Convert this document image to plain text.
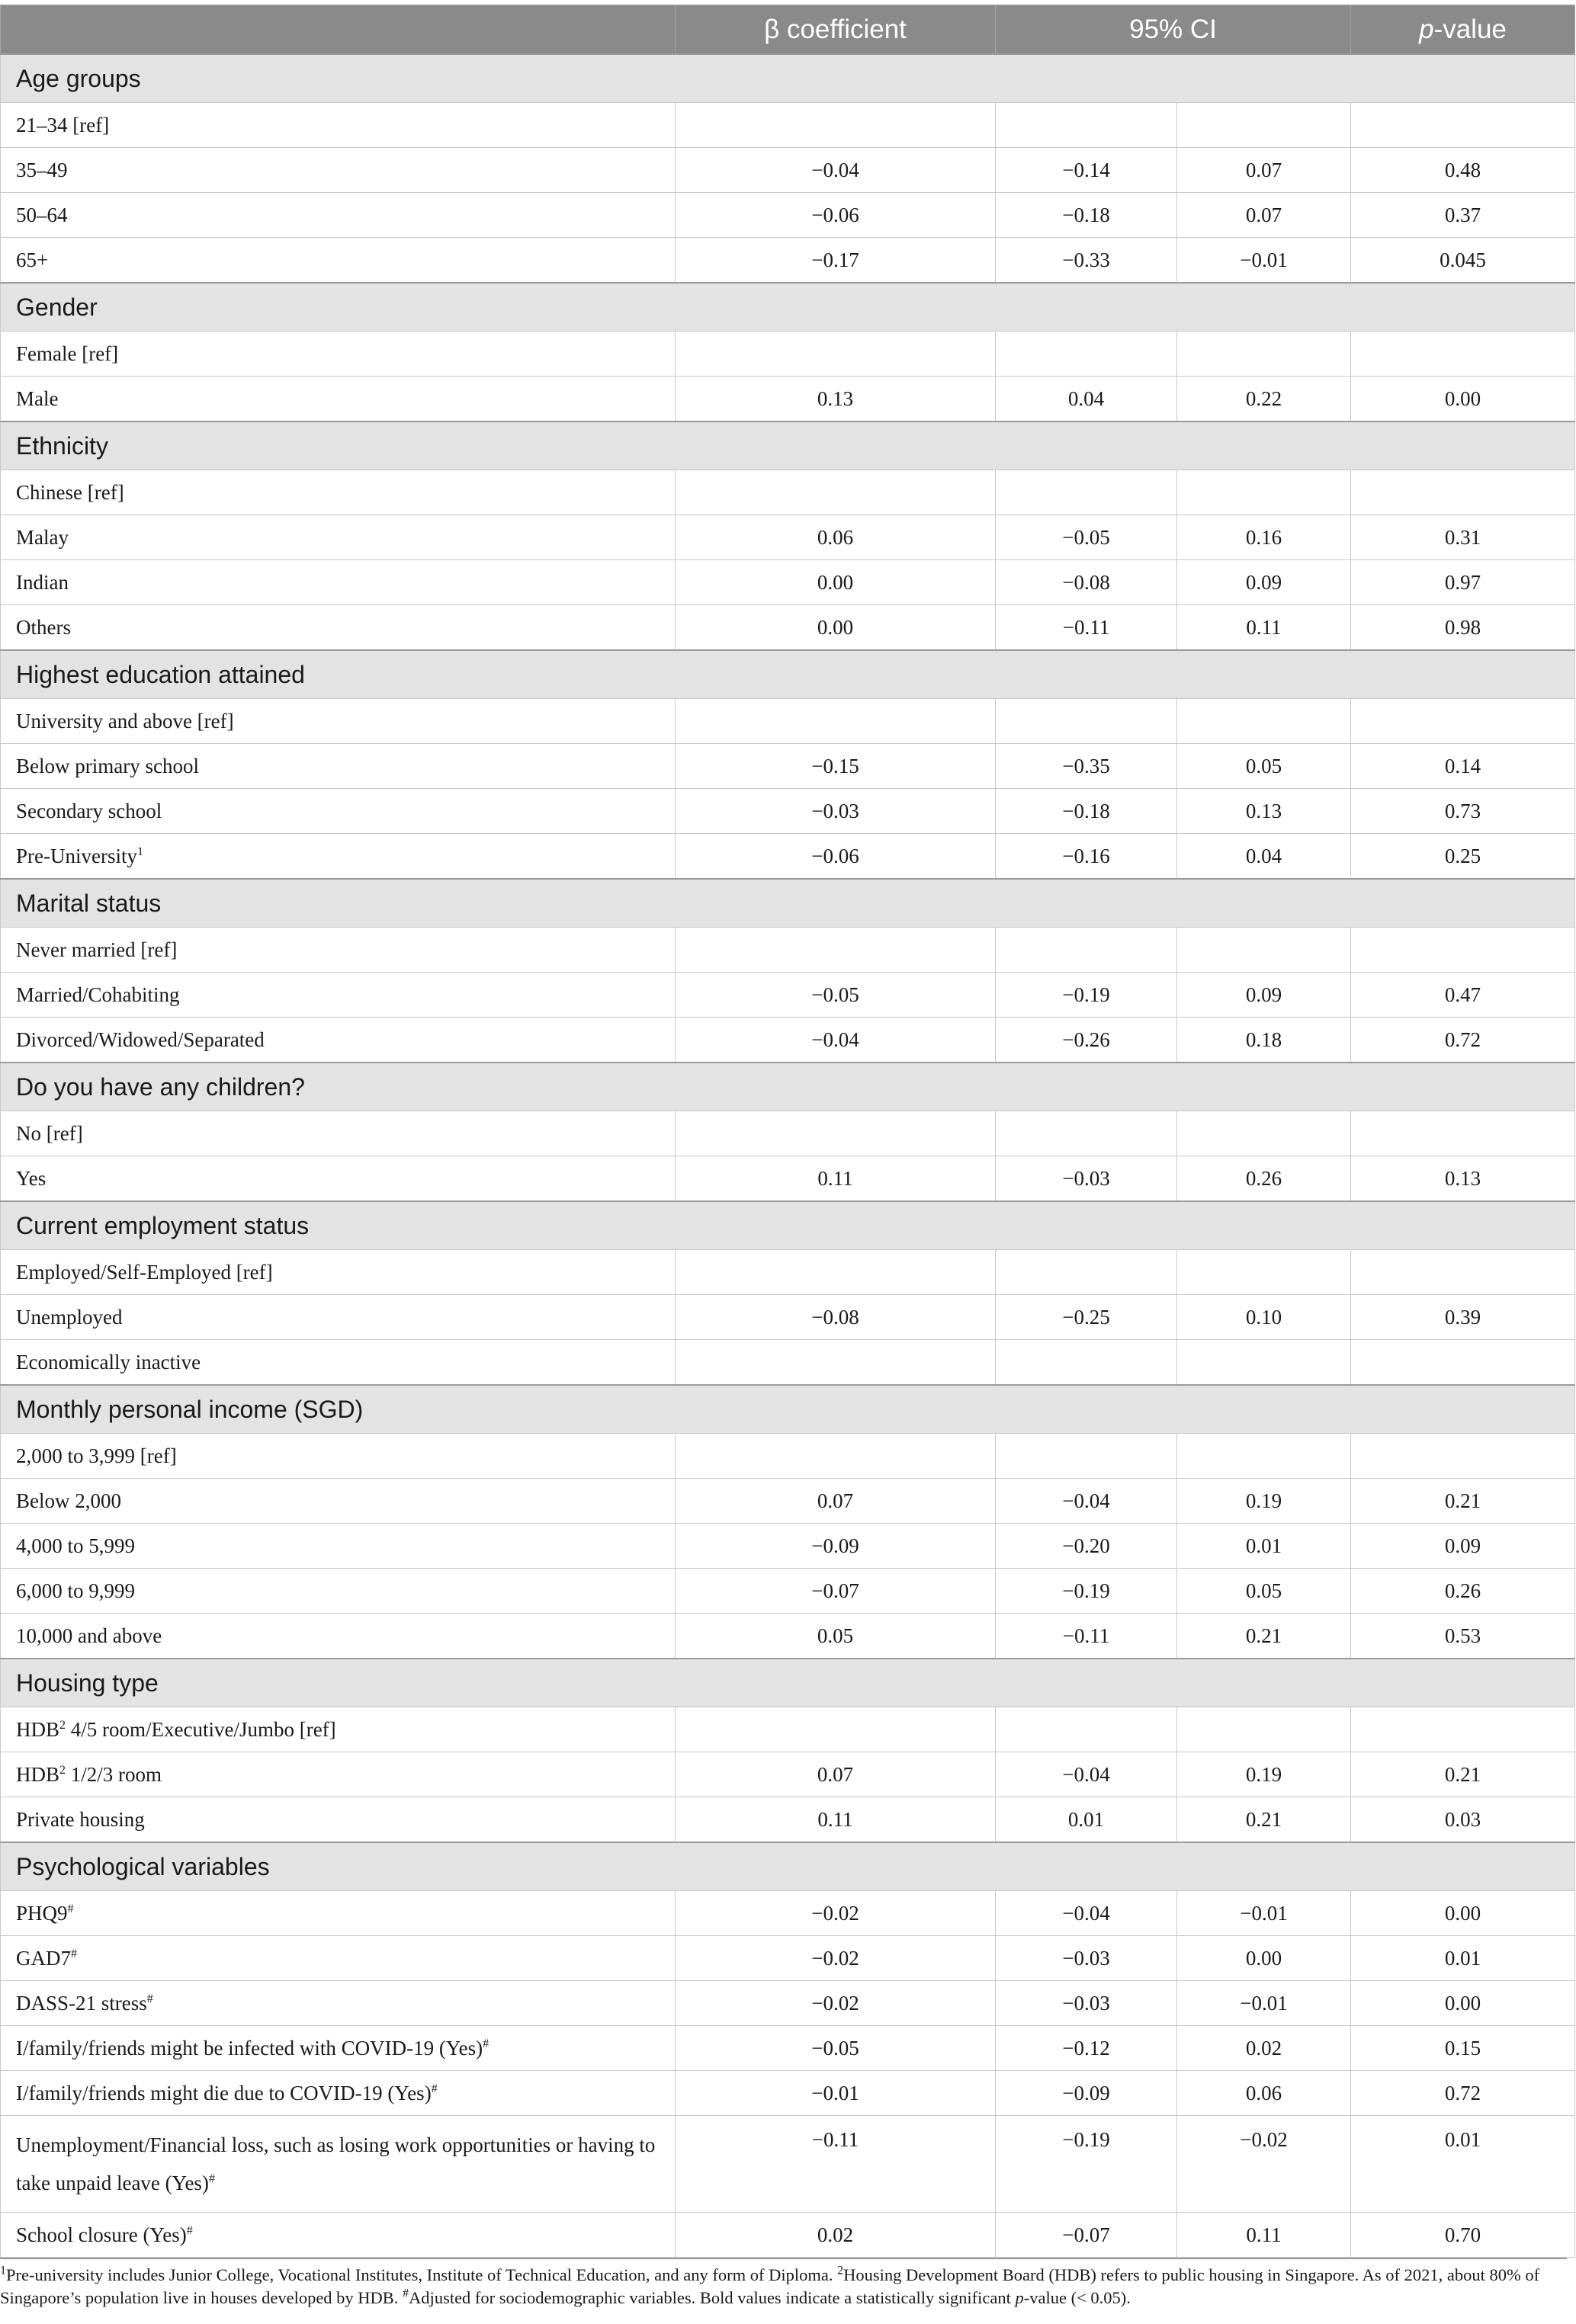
	β coefficient	95% CI		p-value
Age groups				
21–34 [ref]				
35–49	−0.04	−0.14	0.07	0.48
50–64	−0.06	−0.18	0.07	0.37
65+	−0.17	−0.33	−0.01	0.045
Gender				
Female [ref]				
Male	0.13	0.04	0.22	0.00
Ethnicity				
Chinese [ref]				
Malay	0.06	−0.05	0.16	0.31
Indian	0.00	−0.08	0.09	0.97
Others	0.00	−0.11	0.11	0.98
Highest education attained				
University and above [ref]				
Below primary school	−0.15	−0.35	0.05	0.14
Secondary school	−0.03	−0.18	0.13	0.73
Pre-University$^1$	−0.06	−0.16	0.04	0.25
Marital status				
Never married [ref]				
Married/Cohabiting	−0.05	−0.19	0.09	0.47
Divorced/Widowed/Separated	−0.04	−0.26	0.18	0.72
Do you have any children?				
No [ref]				
Yes	0.11	−0.03	0.26	0.13
Current employment status				
Employed/Self-Employed [ref]				
Unemployed	−0.08	−0.25	0.10	0.39
Economically inactive				
Monthly personal income (SGD)				
2,000 to 3,999 [ref]				
Below 2,000	0.07	−0.04	0.19	0.21
4,000 to 5,999	−0.09	−0.20	0.01	0.09
6,000 to 9,999	−0.07	−0.19	0.05	0.26
10,000 and above	0.05	−0.11	0.21	0.53
Housing type				
HDB$^2$ 4/5 room/Executive/Jumbo [ref]				
HDB$^2$ 1/2/3 room	0.07	−0.04	0.19	0.21
Private housing	0.11	0.01	0.21	0.03
Psychological variables				
PHQ9#	−0.02	−0.04	−0.01	0.00
GAD7#	−0.02	−0.03	0.00	0.01
DASS-21 stress#	−0.02	−0.03	−0.01	0.00
I/family/friends might be infected with COVID-19 (Yes)#	−0.05	−0.12	0.02	0.15
I/family/friends might die due to COVID-19 (Yes)#	−0.01	−0.09	0.06	0.72
Unemployment/Financial loss, such as losing work opportunities or having to take unpaid leave (Yes)#	−0.11	−0.19	−0.02	0.01
School closure (Yes)#	0.02	−0.07	0.11	0.70
$^1$Pre-university includes Junior College, Vocational Institutes, Institute of Technical Education, and any form of Diploma. $^2$Housing Development Board (HDB) refers to public housing in Singapore. As of 2021, about 80% of Singapore’s population live in houses developed by HDB. #Adjusted for sociodemographic variables. Bold values indicate a statistically significant p-value (< 0.05).
